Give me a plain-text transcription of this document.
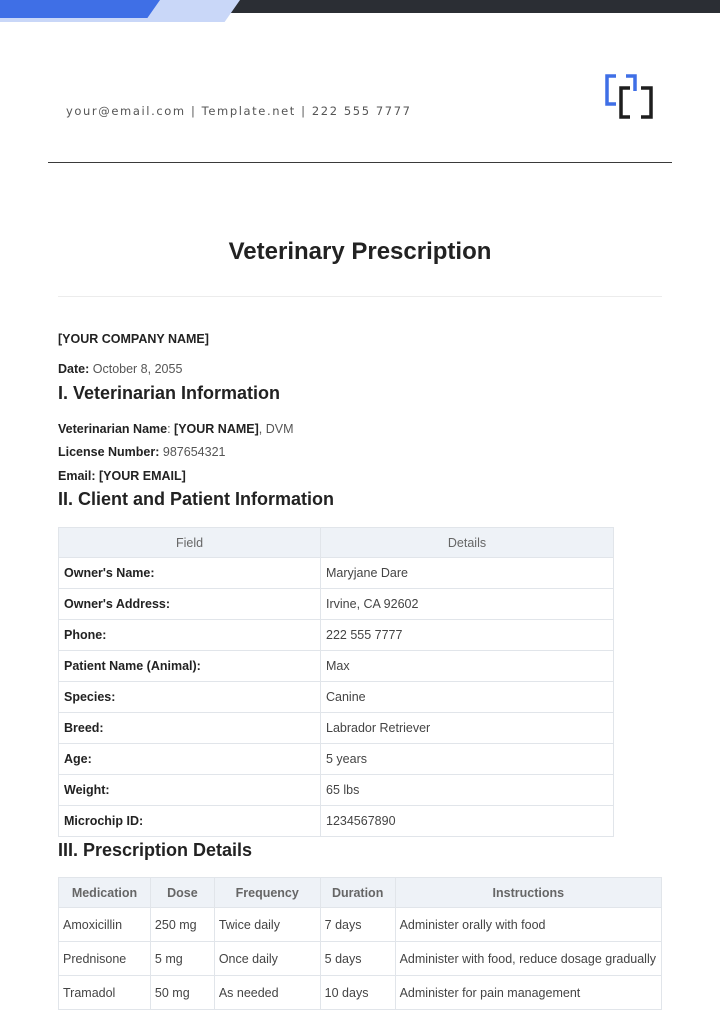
your@email.com | Template.net | 222 555 7777
Veterinary Prescription
[YOUR COMPANY NAME]
Date: October 8, 2055
I. Veterinarian Information
Veterinarian Name: [YOUR NAME], DVM
License Number: 987654321
Email: [YOUR EMAIL]
II. Client and Patient Information
Field	Details
Owner's Name:	Maryjane Dare
Owner's Address:	Irvine, CA 92602
Phone:	222 555 7777
Patient Name (Animal):	Max
Species:	Canine
Breed:	Labrador Retriever
Age:	5 years
Weight:	65 lbs
Microchip ID:	1234567890
III. Prescription Details
Medication	Dose	Frequency	Duration	Instructions
Amoxicillin	250 mg	Twice daily	7 days	Administer orally with food
Prednisone	5 mg	Once daily	5 days	Administer with food, reduce dosage gradually
Tramadol	50 mg	As needed	10 days	Administer for pain management
